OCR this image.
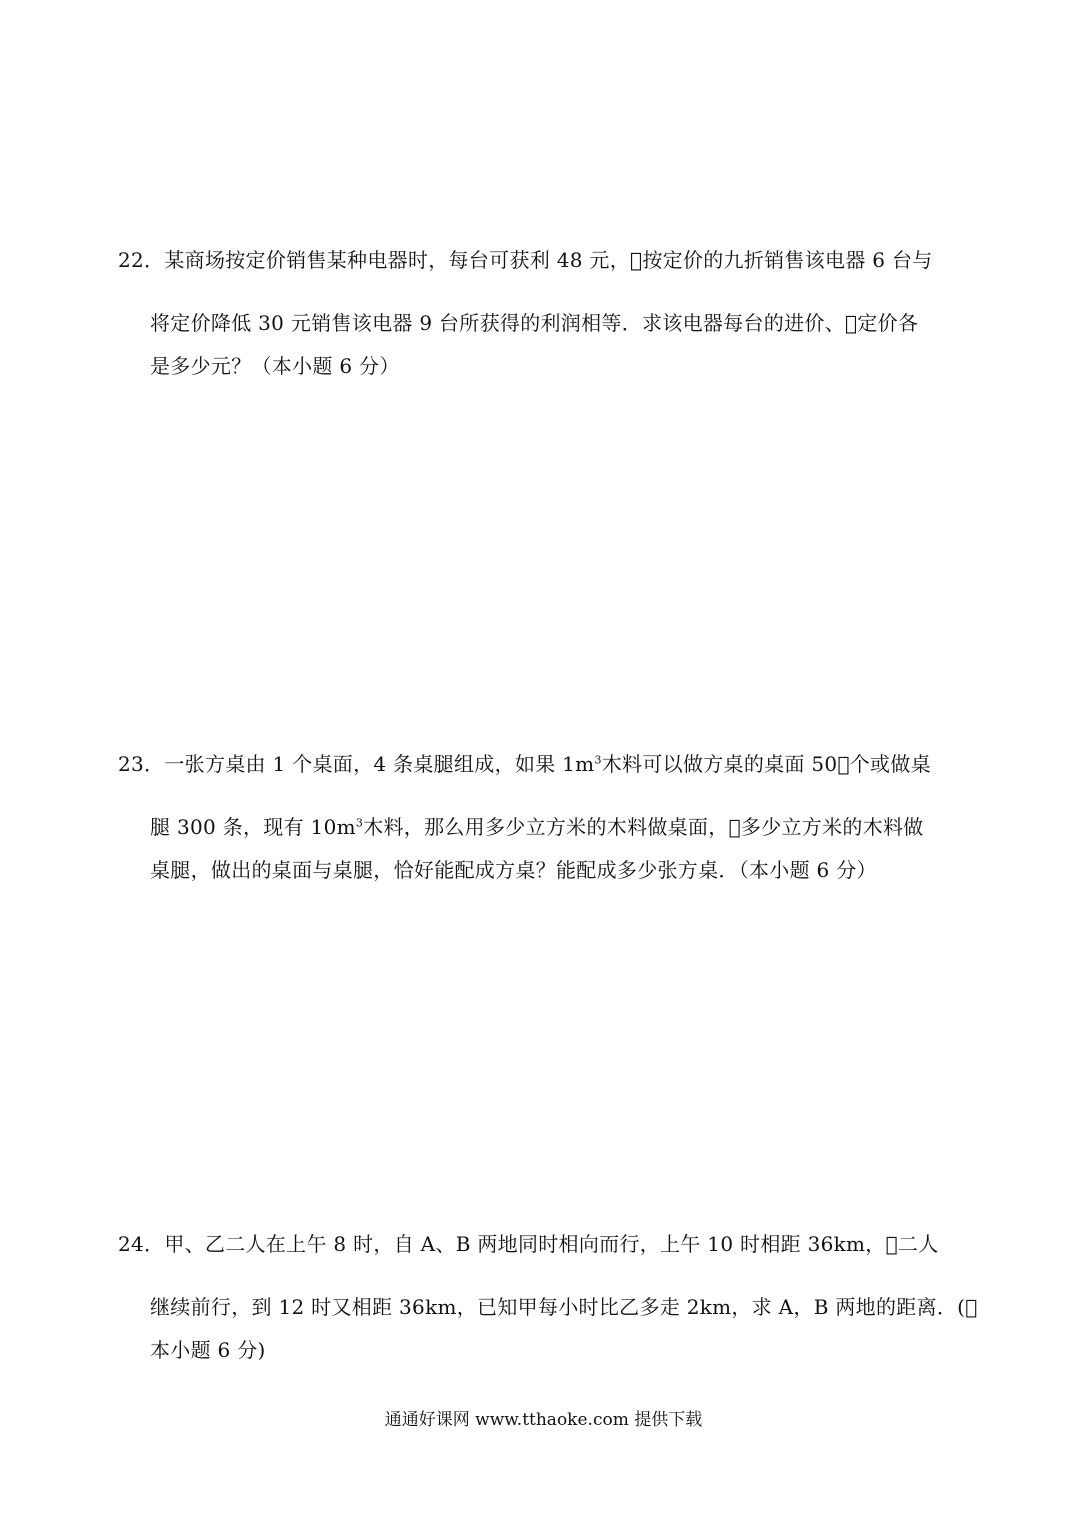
22．某商场按定价销售某种电器时，每台可获利 48 元， 按定价的九折销售该电器 6 台与
将定价降低 30 元销售该电器 9 台所获得的利润相等．求该电器每台的进价、 定价各
是多少元？（本小题 6 分）
23．一张方桌由 1 个桌面，4 条桌腿组成，如果 $1m^3$木料可以做方桌的桌面 50 个或做桌
腿 300 条，现有 $10m^3$木料，那么用多少立方米的木料做桌面， 多少立方米的木料做
桌腿，做出的桌面与桌腿，恰好能配成方桌？能配成多少张方桌．（本小题 6 分）
24．甲、乙二人在上午 8 时，自 A、B 两地同时相向而行，上午 10 时相距 36km， 二人
继续前行，到 12 时又相距 36km，已知甲每小时比乙多走 2km，求 A，B 两地的距离．( 
本小题 6 分)
通通好课网 www.tthaoke.com 提供下载
